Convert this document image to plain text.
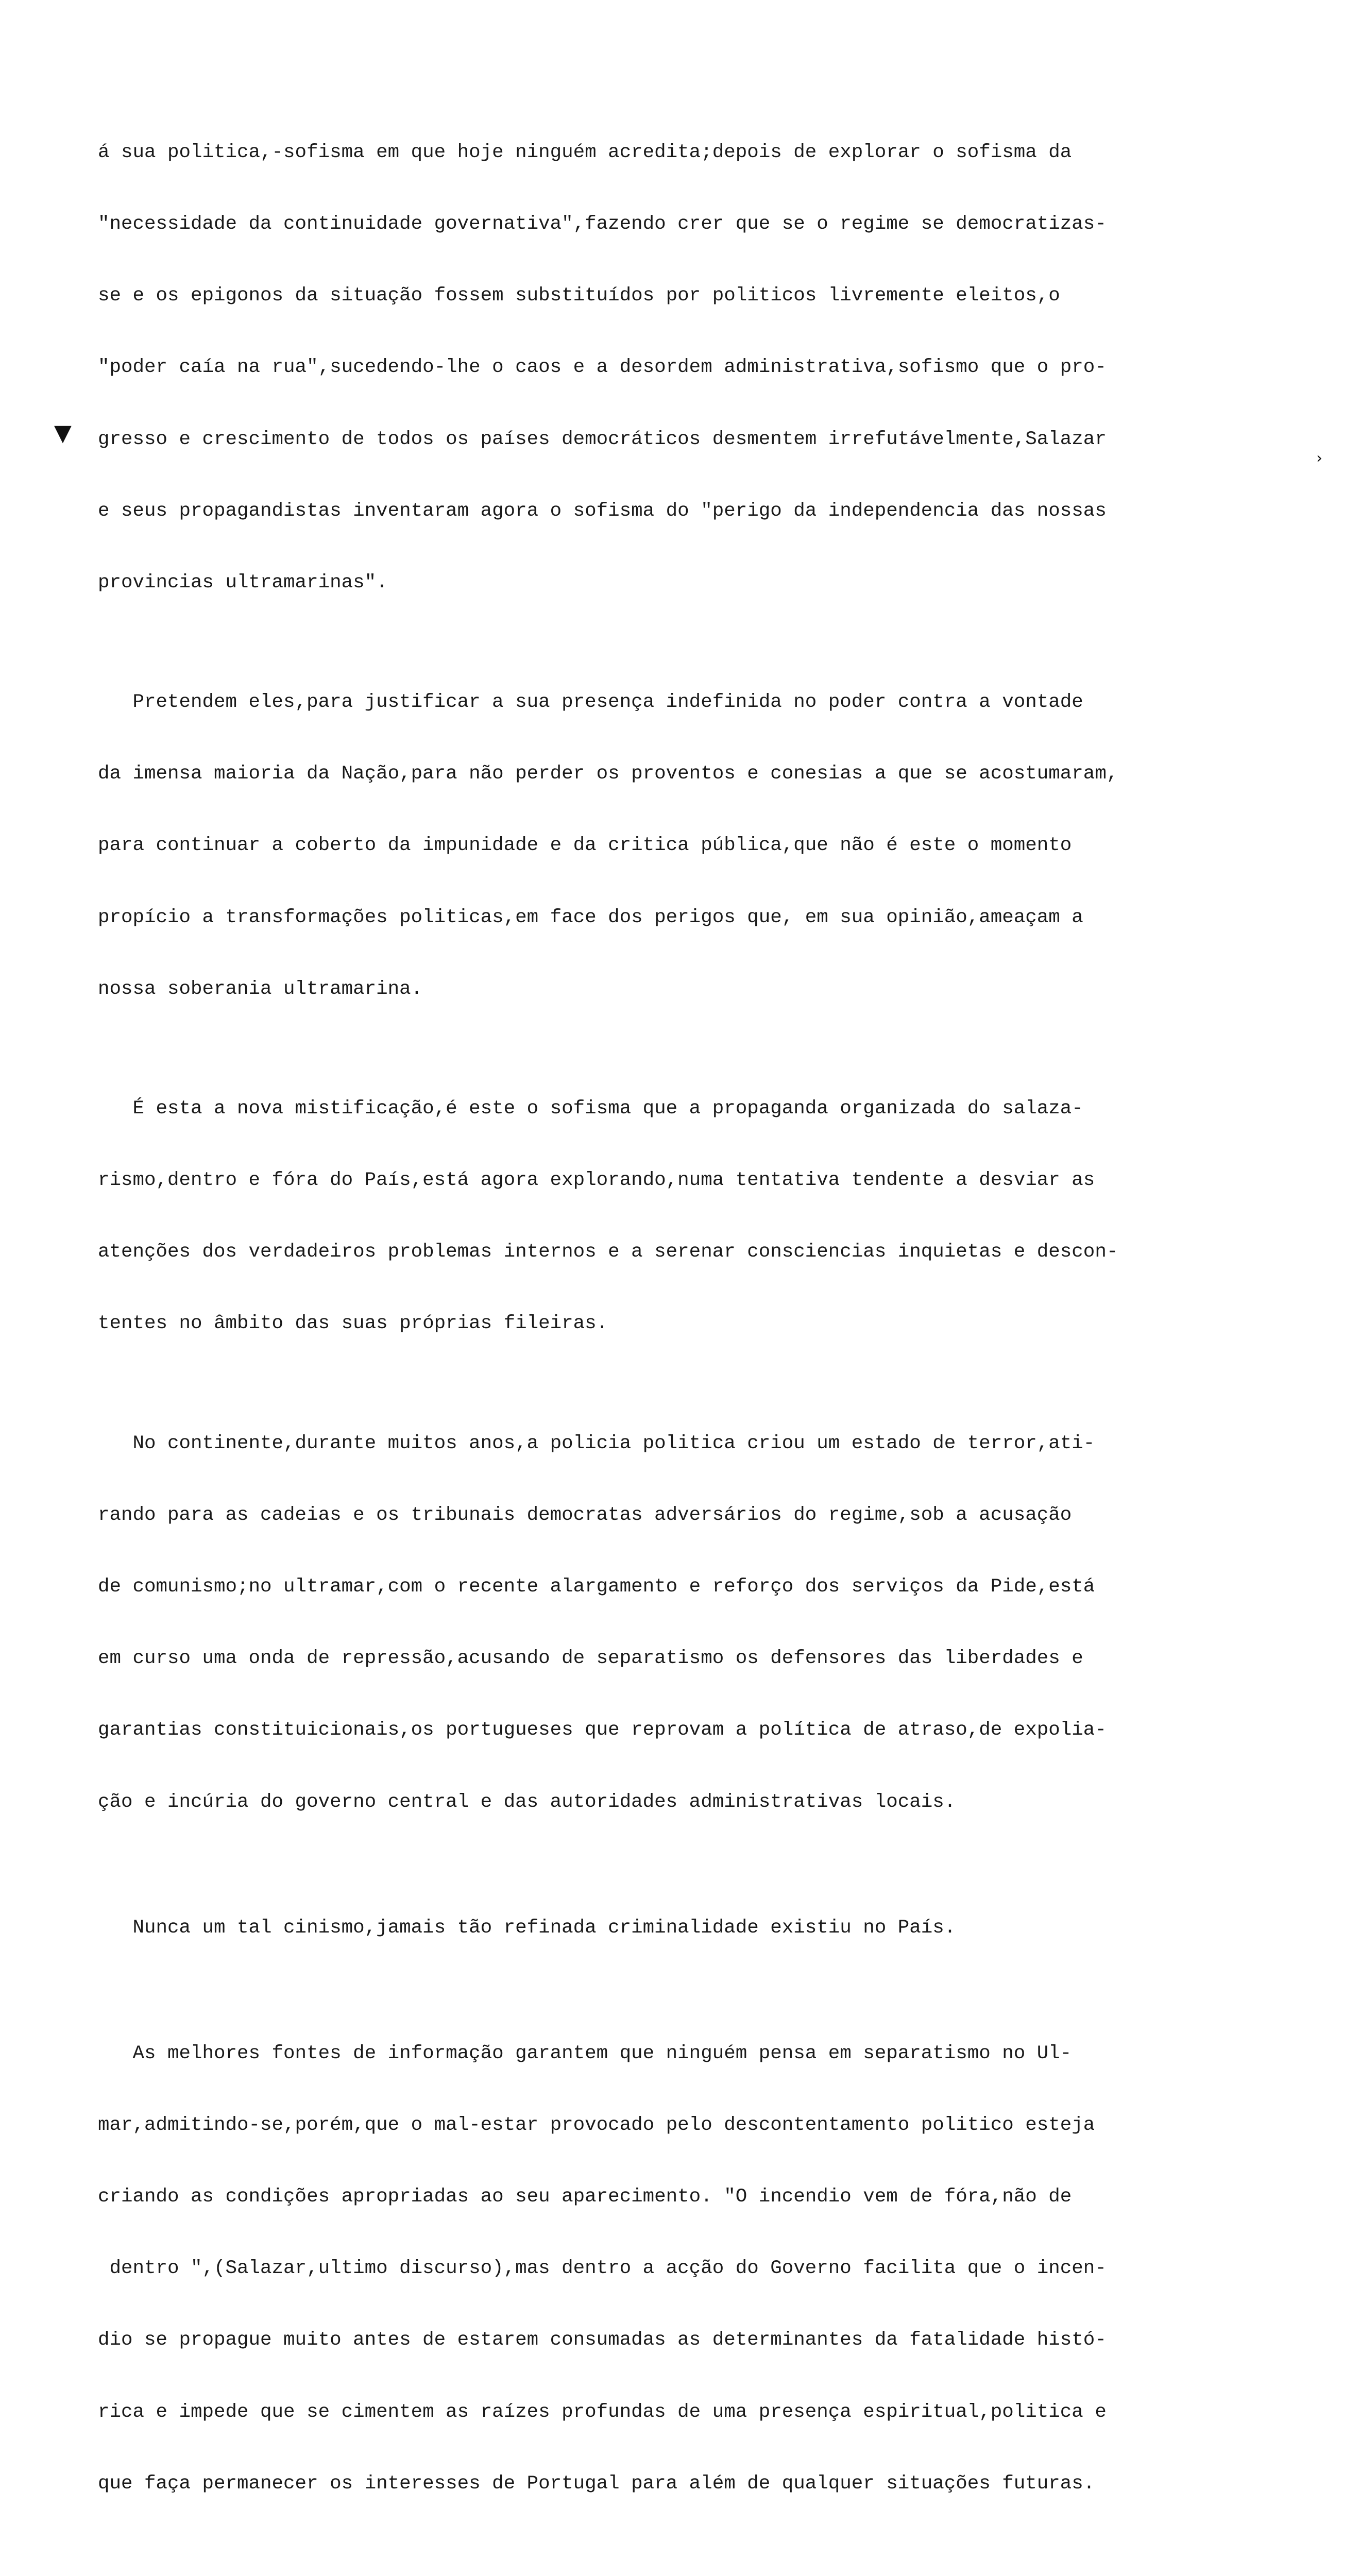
á sua politica,-sofisma em que hoje ninguém acredita;depois de explorar o sofisma da

"necessidade da continuidade governativa",fazendo crer que se o regime se democratizas-

se e os epigonos da situação fossem substituídos por politicos livremente eleitos,o

"poder caía na rua",sucedendo-lhe o caos e a desordem administrativa,sofismo que o pro-

gresso e crescimento de todos os países democráticos desmentem irrefutávelmente,Salazar

e seus propagandistas inventaram agora o sofisma do "perigo da independencia das nossas

provincias ultramarinas".

Pretendem eles,para justificar a sua presença indefinida no poder contra a vontade

da imensa maioria da Nação,para não perder os proventos e conesias a que se acostumaram,

para continuar a coberto da impunidade e da critica pública,que não é este o momento

propício a transformações politicas,em face dos perigos que, em sua opinião,ameaçam a

nossa soberania ultramarina.

É esta a nova mistificação,é este o sofisma que a propaganda organizada do salaza-

rismo,dentro e fóra do País,está agora explorando,numa tentativa tendente a desviar as

atenções dos verdadeiros problemas internos e a serenar consciencias inquietas e descon-

tentes no âmbito das suas próprias fileiras.

No continente,durante muitos anos,a policia politica criou um estado de terror,ati-

rando para as cadeias e os tribunais democratas adversários do regime,sob a acusação

de comunismo;no ultramar,com o recente alargamento e reforço dos serviços da Pide,está

em curso uma onda de repressão,acusando de separatismo os defensores das liberdades e

garantias constituicionais,os portugueses que reprovam a política de atraso,de expolia-

ção e incúria do governo central e das autoridades administrativas locais.

Nunca um tal cinismo,jamais tão refinada criminalidade existiu no País.

As melhores fontes de informação garantem que ninguém pensa em separatismo no Ul-

mar,admitindo-se,porém,que o mal-estar provocado pelo descontentamento politico esteja

criando as condições apropriadas ao seu aparecimento. "O incendio vem de fóra,não de

dentro ",(Salazar,ultimo discurso),mas dentro a acção do Governo facilita que o incen-

dio se propague muito antes de estarem consumadas as determinantes da fatalidade histó-

rica e impede que se cimentem as raízes profundas de uma presença espiritual,politica e

que faça permanecer os interesses de Portugal para além de qualquer situações futuras.

▼
›
